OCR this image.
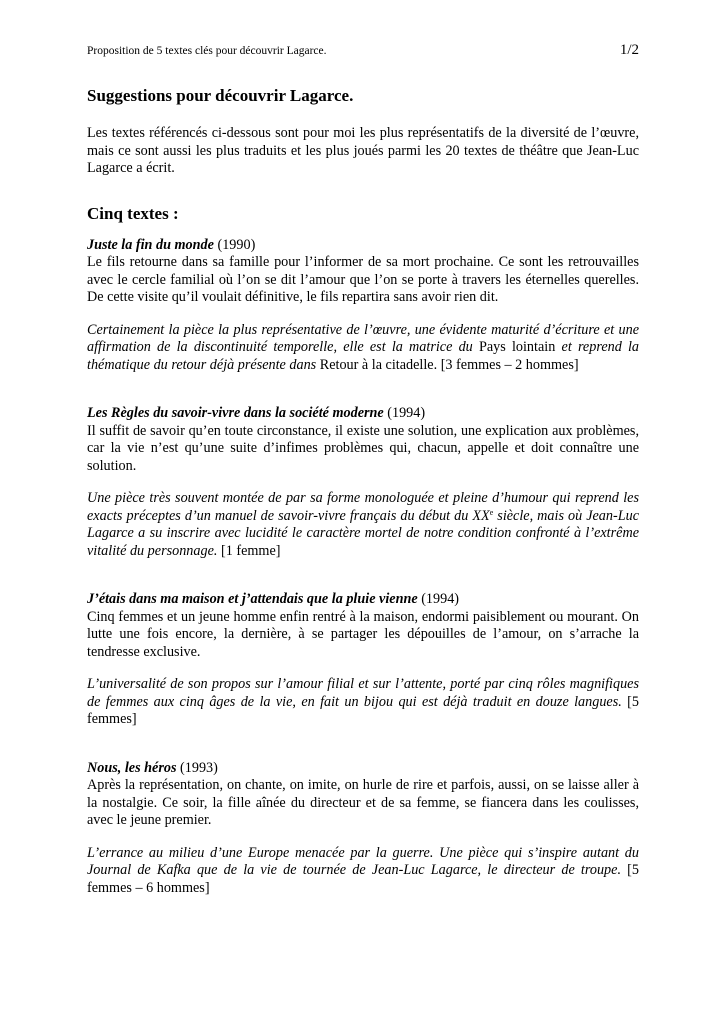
Proposition de 5 textes clés pour découvrir Lagarce.	1/2
Suggestions pour découvrir Lagarce.

Les textes référencés ci-dessous sont pour moi les plus représentatifs de la diversité de l’œuvre, mais ce sont aussi les plus traduits et les plus joués parmi les 20 textes de théâtre que Jean-Luc Lagarce a écrit.

Cinq textes :

Juste la fin du monde (1990)

Le fils retourne dans sa famille pour l’informer de sa mort prochaine. Ce sont les retrouvailles avec le cercle familial où l’on se dit l’amour que l’on se porte à travers les éternelles querelles. De cette visite qu’il voulait définitive, le fils repartira sans avoir rien dit.

Certainement la pièce la plus représentative de l’œuvre, une évidente maturité d’écriture et une affirmation de la discontinuité temporelle, elle est la matrice du Pays lointain et reprend la thématique du retour déjà présente dans Retour à la citadelle. [3 femmes – 2 hommes]

Les Règles du savoir-vivre dans la société moderne (1994)

Il suffit de savoir qu’en toute circonstance, il existe une solution, une explication aux problèmes, car la vie n’est qu’une suite d’infimes problèmes qui, chacun, appelle et doit connaître une solution.

Une pièce très souvent montée de par sa forme monologuée et pleine d’humour qui reprend les exacts préceptes d’un manuel de savoir-vivre français du début du XXe siècle, mais où Jean-Luc Lagarce a su inscrire avec lucidité le caractère mortel de notre condition confronté à l’extrême vitalité du personnage. [1 femme]

J’étais dans ma maison et j’attendais que la pluie vienne (1994)

Cinq femmes et un jeune homme enfin rentré à la maison, endormi paisiblement ou mourant. On lutte une fois encore, la dernière, à se partager les dépouilles de l’amour, on s’arrache la tendresse exclusive.

L’universalité de son propos sur l’amour filial et sur l’attente, porté par cinq rôles magnifiques de femmes aux cinq âges de la vie, en fait un bijou qui est déjà traduit en douze langues. [5 femmes]

Nous, les héros (1993)

Après la représentation, on chante, on imite, on hurle de rire et parfois, aussi, on se laisse aller à la nostalgie. Ce soir, la fille aînée du directeur et de sa femme, se fiancera dans les coulisses, avec le jeune premier.

L’errance au milieu d’une Europe menacée par la guerre. Une pièce qui s’inspire autant du Journal de Kafka que de la vie de tournée de Jean-Luc Lagarce, le directeur de troupe. [5 femmes – 6 hommes]
